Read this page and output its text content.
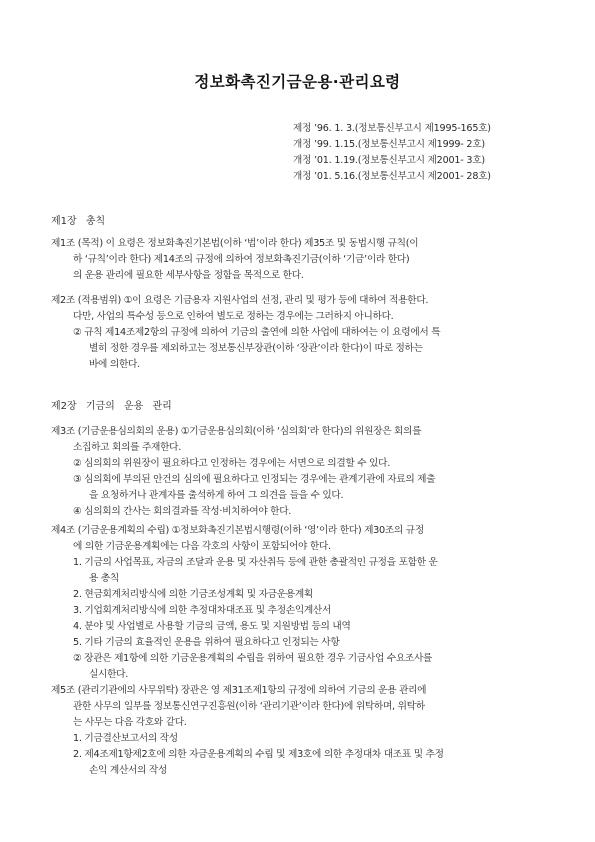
정보화촉진기금운용·관리요령
제정 ’96. 1. 3.(정보통신부고시 제1995-165호)
개정 ’99. 1.15.(정보통신부고시 제1999- 2호)
개정 ’01. 1.19.(정보통신부고시 제2001- 3호)
개정 ’01. 5.16.(정보통신부고시 제2001- 28호)
제1장 총칙
제1조 (목적) 이 요령은 정보화촉진기본법(이하 ‘법’이라 한다) 제35조 및 동법시행 규칙(이
하 ‘규칙’이라 한다) 제14조의 규정에 의하여 정보화촉진기금(이하 ‘기금’이라 한다)
의 운용 관리에 필요한 세부사항을 정함을 목적으로 한다.
제2조 (적용범위) ①이 요령은 기금용자 지원사업의 선정, 관리 및 평가 등에 대하여 적용한다.
다만, 사업의 특수성 등으로 인하여 별도로 정하는 경우에는 그러하지 아니하다.
② 규칙 제14조제2항의 규정에 의하여 기금의 출연에 의한 사업에 대하여는 이 요령에서 특
별히 정한 경우를 제외하고는 정보통신부장관(이하 ‘장관’이라 한다)이 따로 정하는
바에 의한다.
제2장 기금의 운용 관리
제3조 (기금운용심의회의 운용) ①기금운용심의회(이하 ‘심의회’라 한다)의 위원장은 회의를
소집하고 회의를 주재한다.
② 심의회의 위원장이 필요하다고 인정하는 경우에는 서면으로 의결할 수 있다.
③ 심의회에 부의된 안건의 심의에 필요하다고 인정되는 경우에는 관계기관에 자료의 제출
을 요청하거나 관계자를 출석하게 하여 그 의견을 들을 수 있다.
④ 심의회의 간사는 회의결과를 작성·비치하여야 한다.
제4조 (기금운용계획의 수립) ①정보화촉진기본법시행령(이하 ‘영’이라 한다) 제30조의 규정
에 의한 기금운용계획에는 다음 각호의 사항이 포함되어야 한다.
1. 기금의 사업목표, 자금의 조달과 운용 및 자산취득 등에 관한 총괄적인 규정을 포함한 운
용 총칙
2. 현금회계처리방식에 의한 기금조성계획 및 자금운용계획
3. 기업회계처리방식에 의한 추정대차대조표 및 추정손익계산서
4. 분야 및 사업별로 사용할 기금의 금액, 용도 및 지원방법 등의 내역
5. 기타 기금의 효율적인 운용을 위하여 필요하다고 인정되는 사항
② 장관은 제1항에 의한 기금운용계획의 수립을 위하여 필요한 경우 기금사업 수요조사를
실시한다.
제5조 (관리기관에의 사무위탁) 장관은 영 제31조제1항의 규정에 의하여 기금의 운용 관리에
관한 사무의 일부를 정보통신연구진흥원(이하 ‘관리기관’이라 한다)에 위탁하며, 위탁하
는 사무는 다음 각호와 같다.
1. 기금결산보고서의 작성
2. 제4조제1항제2호에 의한 자금운용계획의 수립 및 제3호에 의한 추정대차 대조표 및 추정
손익 계산서의 작성
